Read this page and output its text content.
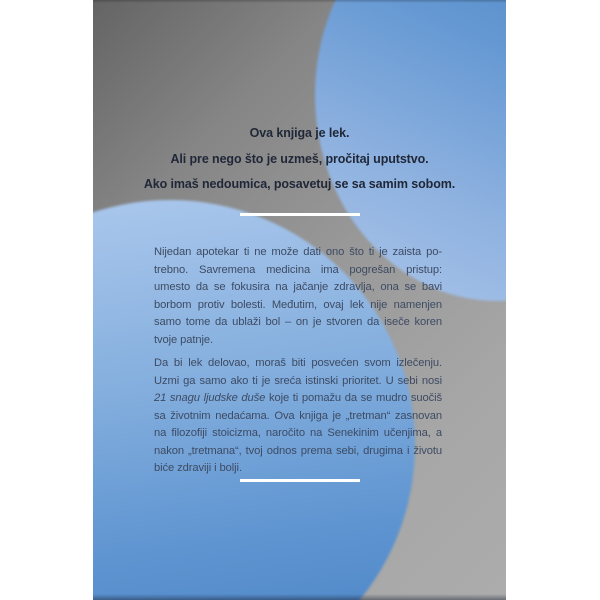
Ova knjiga je lek.
Ali pre nego što je uzmeš, pročitaj uputstvo.
Ako imaš nedoumica, posavetuj se sa samim sobom.
Nijedan apotekar ti ne može dati ono što ti je zaista po-
trebno. Savremena medicina ima pogrešan pristup:
umesto da se fokusira na jačanje zdravlja, ona se bavi
borbom protiv bolesti. Međutim, ovaj lek nije namenjen
samo tome da ublaži bol – on je stvoren da iseče koren
tvoje patnje.
Da bi lek delovao, moraš biti posvećen svom izlečenju.
Uzmi ga samo ako ti je sreća istinski prioritet. U sebi nosi
21 snagu ljudske duše koje ti pomažu da se mudro suočiš
sa životnim nedaćama. Ova knjiga je „tretman“ zasnovan
na filozofiji stoicizma, naročito na Senekinim učenjima, a
nakon „tretmana“, tvoj odnos prema sebi, drugima i životu
biće zdraviji i bolji.
